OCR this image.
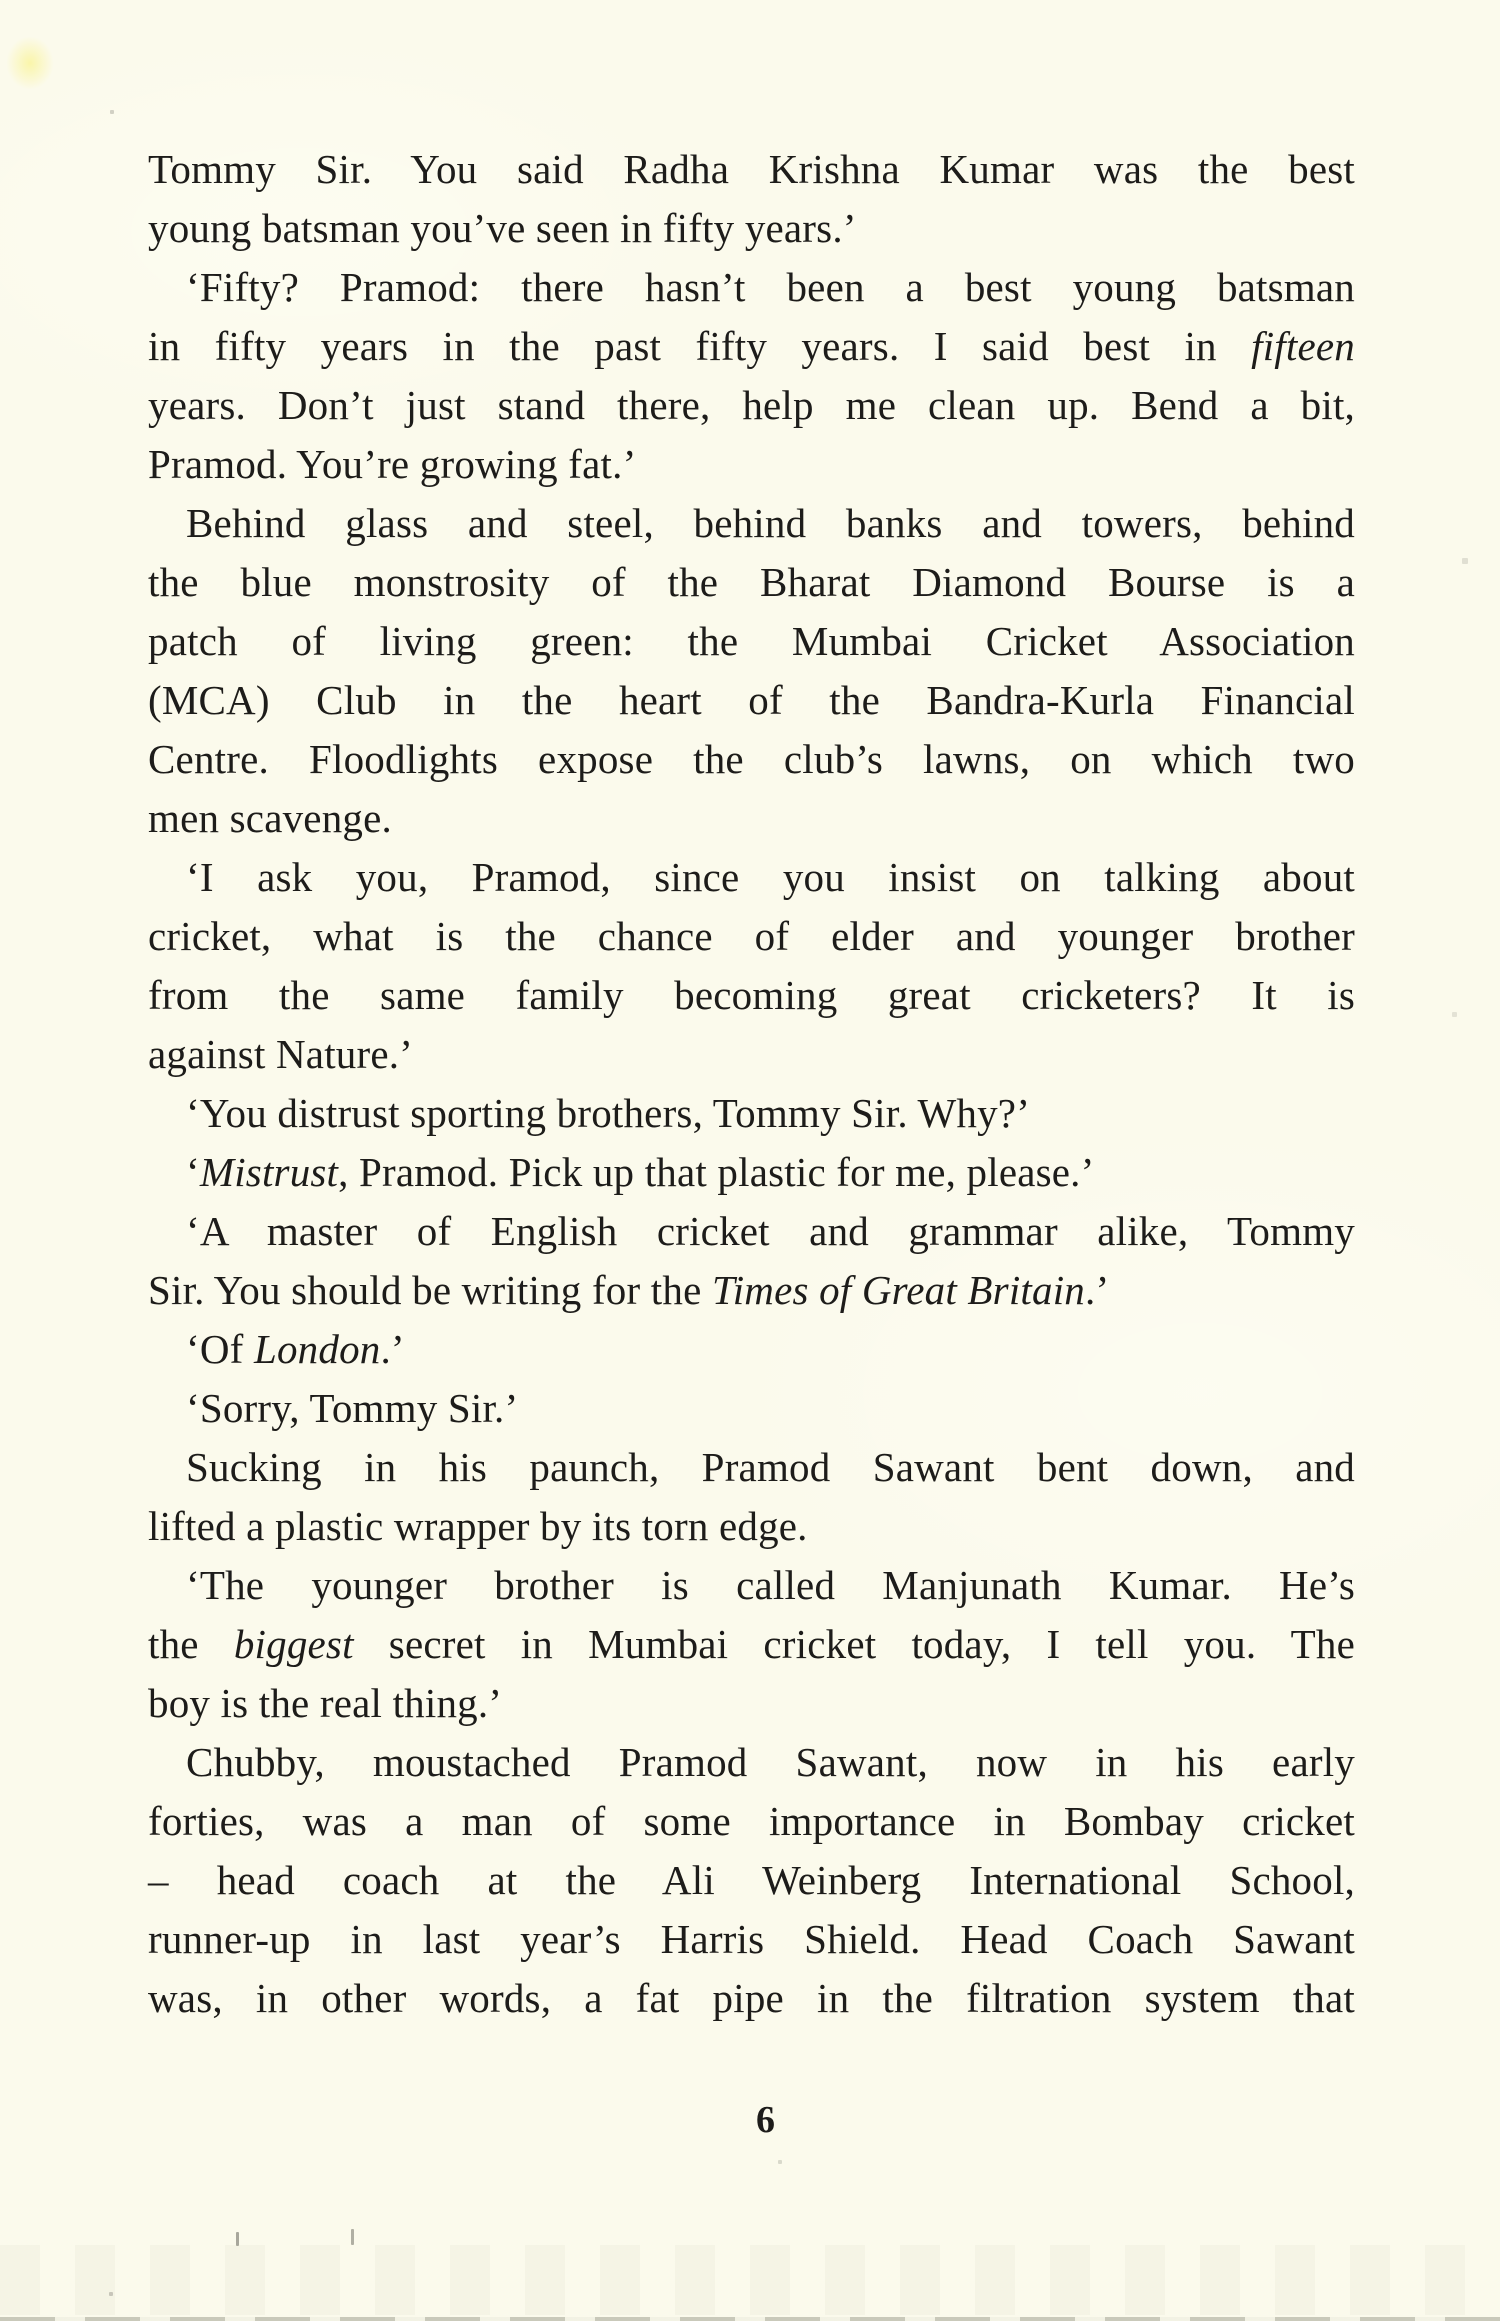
Tommy Sir. You said Radha Krishna Kumar was the best
young batsman you’ve seen in fifty years.’
‘Fifty? Pramod: there hasn’t been a best young batsman
in fifty years in the past fifty years. I said best in fifteen
years. Don’t just stand there, help me clean up. Bend a bit,
Pramod. You’re growing fat.’
Behind glass and steel, behind banks and towers, behind
the blue monstrosity of the Bharat Diamond Bourse is a
patch of living green: the Mumbai Cricket Association
(MCA) Club in the heart of the Bandra-Kurla Financial
Centre. Floodlights expose the club’s lawns, on which two
men scavenge.
‘I ask you, Pramod, since you insist on talking about
cricket, what is the chance of elder and younger brother
from the same family becoming great cricketers? It is
against Nature.’
‘You distrust sporting brothers, Tommy Sir. Why?’
‘Mistrust, Pramod. Pick up that plastic for me, please.’
‘A master of English cricket and grammar alike, Tommy
Sir. You should be writing for the Times of Great Britain.’
‘Of London.’
‘Sorry, Tommy Sir.’
Sucking in his paunch, Pramod Sawant bent down, and
lifted a plastic wrapper by its torn edge.
‘The younger brother is called Manjunath Kumar. He’s
the biggest secret in Mumbai cricket today, I tell you. The
boy is the real thing.’
Chubby, moustached Pramod Sawant, now in his early
forties, was a man of some importance in Bombay cricket
– head coach at the Ali Weinberg International School,
runner-up in last year’s Harris Shield. Head Coach Sawant
was, in other words, a fat pipe in the filtration system that
6
